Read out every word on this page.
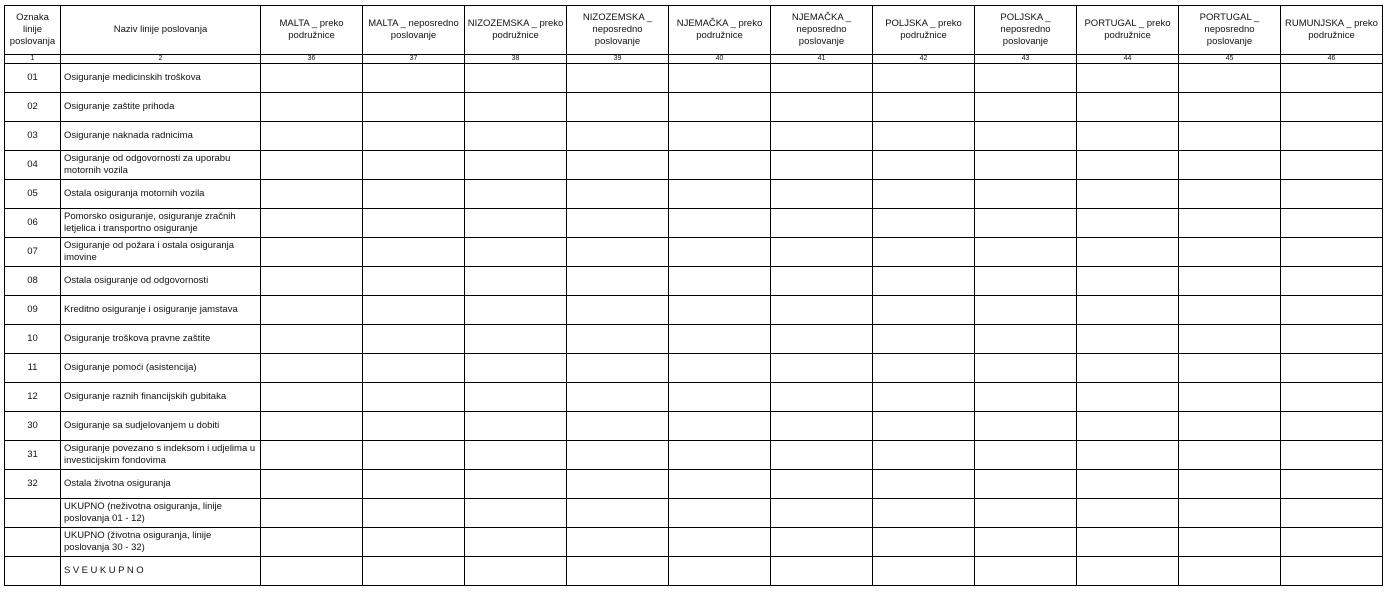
Oznaka linije poslovanja	Naziv linije poslovanja	MALTA _ preko podružnice	MALTA _ neposredno poslovanje	NIZOZEMSKA _ preko podružnice	NIZOZEMSKA _ neposredno poslovanje	NJEMAČKA _ preko podružnice	NJEMAČKA _ neposredno poslovanje	POLJSKA _ preko podružnice	POLJSKA _ neposredno poslovanje	PORTUGAL _ preko podružnice	PORTUGAL _ neposredno poslovanje	RUMUNJSKA _ preko podružnice
1	2	36	37	38	39	40	41	42	43	44	45	46
01	Osiguranje medicinskih troškova											
02	Osiguranje zaštite prihoda											
03	Osiguranje naknada radnicima											
04	Osiguranje od odgovornosti za uporabu motornih vozila											
05	Ostala osiguranja motornih vozila											
06	Pomorsko osiguranje, osiguranje zračnih letjelica i transportno osiguranje											
07	Osiguranje od požara i ostala osiguranja imovine											
08	Ostala osiguranje od odgovornosti											
09	Kreditno osiguranje i osiguranje jamstava											
10	Osiguranje troškova pravne zaštite											
11	Osiguranje pomoći (asistencija)											
12	Osiguranje raznih financijskih gubitaka											
30	Osiguranje sa sudjelovanjem u dobiti											
31	Osiguranje povezano s indeksom i udjelima u investicijskim fondovima											
32	Ostala životna osiguranja											
	UKUPNO (neživotna osiguranja, linije poslovanja 01 - 12)											
	UKUPNO (životna osiguranja, linije poslovanja 30 - 32)											
	SVEUKUPNO											
